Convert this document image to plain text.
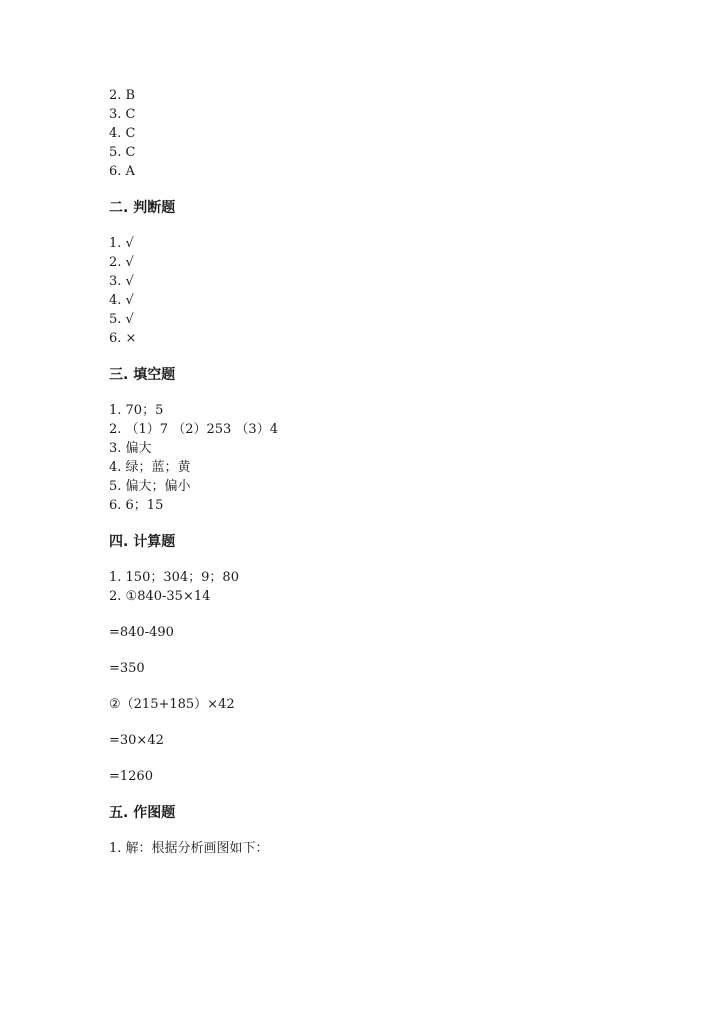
2. B
3. C
4. C
5. C
6. A
二. 判断题
1. √
2. √
3. √
4. √
5. √
6. ×
三. 填空题
1. 70；5
2. （1）7 （2）253 （3）4
3. 偏大
4. 绿；蓝；黄
5. 偏大；偏小
6. 6；15
四. 计算题
1. 150；304；9；80
2. ①840-35×14
=840-490
=350
②（215+185）×42
=30×42
=1260
五. 作图题
1. 解：根据分析画图如下：
